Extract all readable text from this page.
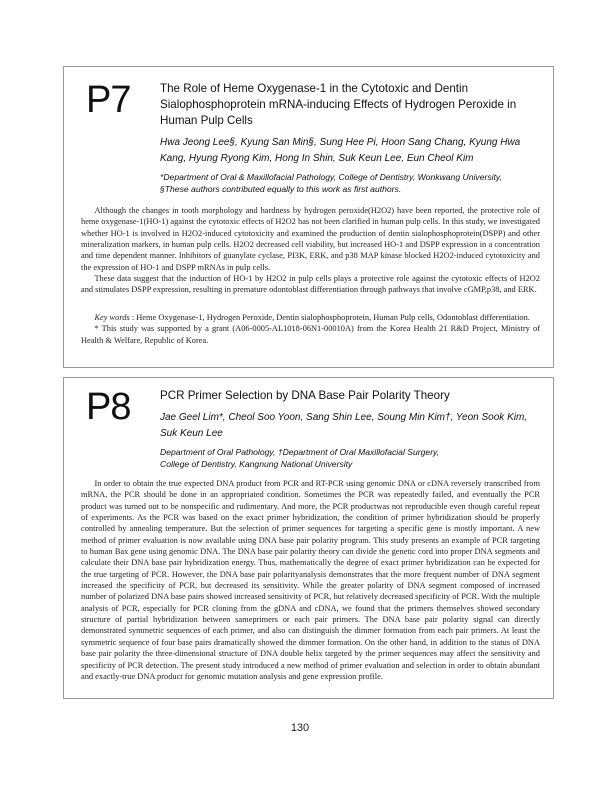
P7	The Role of Heme Oxygenase-1 in the Cytotoxic and Dentin Sialophosphoprotein mRNA-inducing Effects of Hydrogen Peroxide in Human Pulp Cells
Hwa Jeong Lee§, Kyung San Min§, Sung Hee Pi, Hoon Sang Chang, Kyung Hwa Kang, Hyung Ryong Kim, Hong In Shin, Suk Keun Lee, Eun Cheol Kim
*Department of Oral & Maxillofacial Pathology, College of Dentistry, Wonkwang University,
§These authors contributed equally to this work as first authors.

Although the changes in tooth morphology and hardness by hydrogen peroxide(H2O2) have been reported, the protective role of heme oxygenase-1(HO-1) against the cytotoxic effects of H2O2 has not been clarified in human pulp cells. In this study, we investigated whether HO-1 is involved in H2O2-induced cytotoxicity and examined the production of dentin sialophosphoprotein(DSPP) and other mineralization markers, in human pulp cells. H2O2 decreased cell viability, but increased HO-1 and DSPP expression in a concentration and time dependent manner. Inhibitors of guanylate cyclase, PI3K, ERK, and p38 MAP kinase blocked H2O2-induced cytotoxicity and the expression of HO-1 and DSPP mRNAs in pulp cells.

These data suggest that the induction of HO-1 by H2O2 in pulp cells plays a protective role against the cytotoxic effects of H2O2 and stimulates DSPP expression, resulting in premature odontoblast differentiation through pathways that involve cGMP,p38, and ERK.

Key words : Heme Oxygenase-1, Hydrogen Peroxide, Dentin sialophosphoprotein, Human Pulp cells, Odontoblast differentiation.

* This study was supported by a grant (A06-0005-AL1018-06N1-00010A) from the Korea Health 21 R&D Project, Ministry of Health & Welfare, Republic of Korea.

P8	PCR Primer Selection by DNA Base Pair Polarity Theory
Jae Geel Lim*, Cheol Soo Yoon, Sang Shin Lee, Soung Min Kim†, Yeon Sook Kim, Suk Keun Lee
Department of Oral Pathology, †Department of Oral Maxillofacial Surgery,
College of Dentistry, Kangnung National University

In order to obtain the true expected DNA product from PCR and RT-PCR using genomic DNA or cDNA reversely transcribed from mRNA, the PCR should be done in an appropriated condition. Sometimes the PCR was repeatedly failed, and eventually the PCR product was turned out to be nonspecific and rudimentary. And more, the PCR productwas not reproducible even though careful repeat of experiments. As the PCR was based on the exact primer hybridization, the condition of primer hybridization should be properly controlled by annealing temperature. But the selection of primer sequences for targeting a specific gene is mostly important. A new method of primer evaluation is now available using DNA base pair polarity program. This study presents an example of PCR targeting to human Bax gene using genomic DNA. The DNA base pair polarity theory can divide the genetic cord into proper DNA segments and calculate their DNA base pair hybridization energy. Thus, mathematically the degree of exact primer hybridization can be expected for the true targeting of PCR. However, the DNA base pair polarityanalysis demonstrates that the more frequent number of DNA segment increased the specificity of PCR, but decreased its sensitivity. While the greater polarity of DNA segment composed of increased number of polarized DNA base pairs showed increased sensitivity of PCR, but relatively decreased specificity of PCR. With the multiple analysis of PCR, especially for PCR cloning from the gDNA and cDNA, we found that the primers themselves showed secondary structure of partial hybridization between sameprimers or each pair primers. The DNA base pair polarity signal can directly demonstrated symmetric sequences of each primer, and also can distinguish the dimmer formation from each pair primers. At least the symmetric sequence of four base pairs dramatically showed the dimmer formation. On the other hand, in addition to the status of DNA base pair polarity the three-dimensional structure of DNA double helix targeted by the primer sequences may affect the sensitivity and specificity of PCR detection. The present study introduced a new method of primer evaluation and selection in order to obtain abundant and exactly-true DNA product for genomic mutation analysis and gene expression profile.

130
